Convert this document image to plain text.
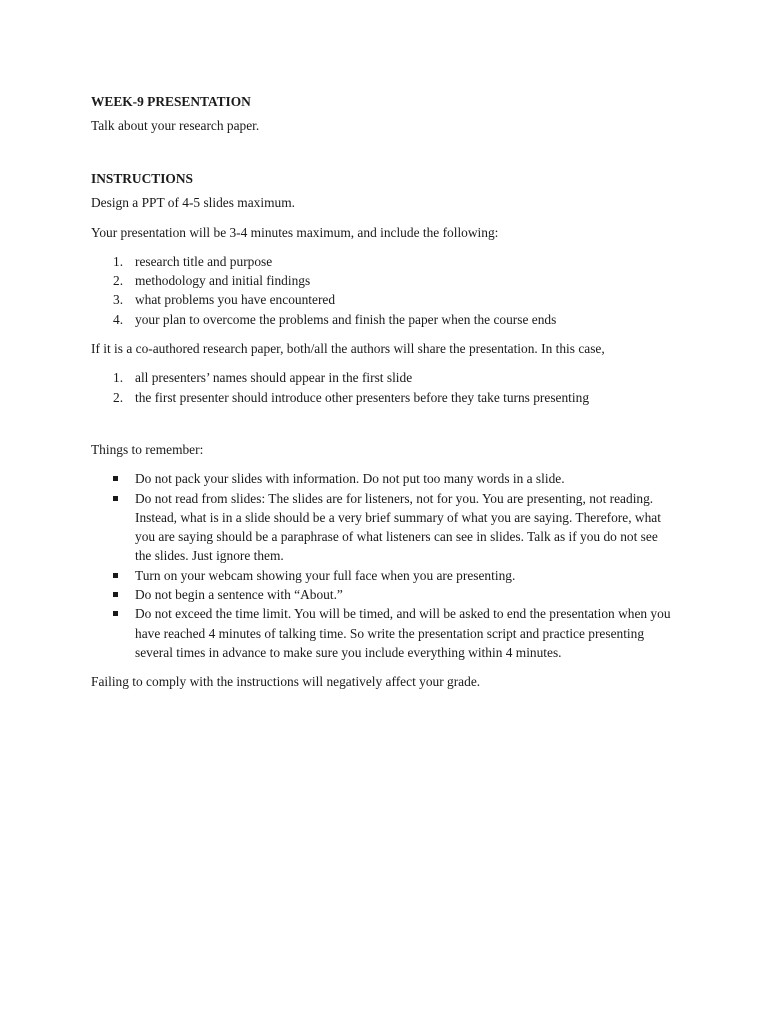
WEEK-9 PRESENTATION

Talk about your research paper.

INSTRUCTIONS

Design a PPT of 4-5 slides maximum.

Your presentation will be 3-4 minutes maximum, and include the following:

1. research title and purpose
2. methodology and initial findings
3. what problems you have encountered
4. your plan to overcome the problems and finish the paper when the course ends

If it is a co-authored research paper, both/all the authors will share the presentation. In this case,

1. all presenters’ names should appear in the first slide
2. the first presenter should introduce other presenters before they take turns presenting

Things to remember:

Do not pack your slides with information. Do not put too many words in a slide.
Do not read from slides: The slides are for listeners, not for you. You are presenting, not reading. Instead, what is in a slide should be a very brief summary of what you are saying. Therefore, what you are saying should be a paraphrase of what listeners can see in slides. Talk as if you do not see the slides. Just ignore them.
Turn on your webcam showing your full face when you are presenting.
Do not begin a sentence with “About.”
Do not exceed the time limit. You will be timed, and will be asked to end the presentation when you have reached 4 minutes of talking time. So write the presentation script and practice presenting several times in advance to make sure you include everything within 4 minutes.

Failing to comply with the instructions will negatively affect your grade.
